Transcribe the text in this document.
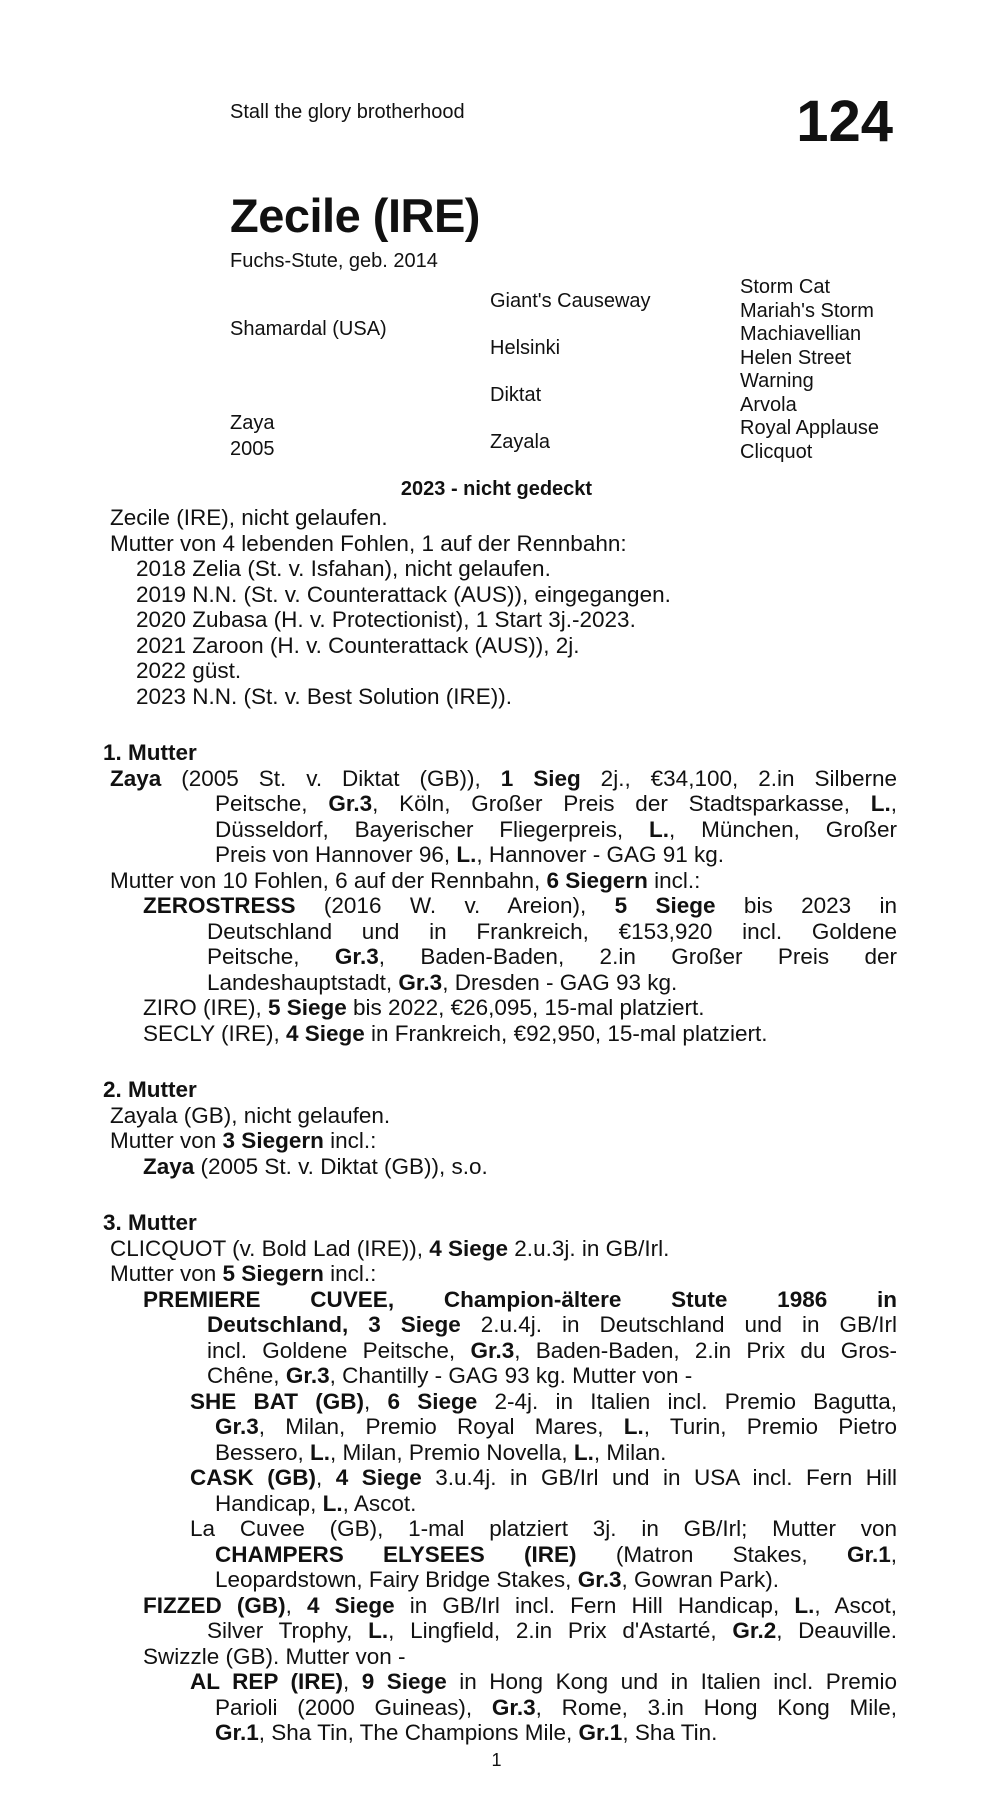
Stall the glory brotherhood	124
Zecile (IRE)
Fuchs-Stute, geb. 2014
Shamardal (USA)
Zaya
2005
Giant's Causeway
Helsinki
Diktat
Zayala
Storm Cat
Mariah's Storm
Machiavellian
Helen Street
Warning
Arvola
Royal Applause
Clicquot
2023 - nicht gedeckt
Zecile (IRE), nicht gelaufen.
Mutter von 4 lebenden Fohlen, 1 auf der Rennbahn:
2018 Zelia (St. v. Isfahan), nicht gelaufen.
2019 N.N. (St. v. Counterattack (AUS)), eingegangen.
2020 Zubasa (H. v. Protectionist), 1 Start 3j.-2023.
2021 Zaroon (H. v. Counterattack (AUS)), 2j.
2022 güst.
2023 N.N. (St. v. Best Solution (IRE)).
1. Mutter
Zaya (2005 St. v. Diktat (GB)), 1 Sieg 2j., €34,100, 2.in Silberne
Peitsche, Gr.3, Köln, Großer Preis der Stadtsparkasse, L.,
Düsseldorf, Bayerischer Fliegerpreis, L., München, Großer
Preis von Hannover 96, L., Hannover - GAG 91 kg.
Mutter von 10 Fohlen, 6 auf der Rennbahn, 6 Siegern incl.:
ZEROSTRESS (2016 W. v. Areion), 5 Siege bis 2023 in
Deutschland und in Frankreich, €153,920 incl. Goldene
Peitsche, Gr.3, Baden-Baden, 2.in Großer Preis der
Landeshauptstadt, Gr.3, Dresden - GAG 93 kg.
ZIRO (IRE), 5 Siege bis 2022, €26,095, 15-mal platziert.
SECLY (IRE), 4 Siege in Frankreich, €92,950, 15-mal platziert.
2. Mutter
Zayala (GB), nicht gelaufen.
Mutter von 3 Siegern incl.:
Zaya (2005 St. v. Diktat (GB)), s.o.
3. Mutter
CLICQUOT (v. Bold Lad (IRE)), 4 Siege 2.u.3j. in GB/Irl.
Mutter von 5 Siegern incl.:
PREMIERE CUVEE, Champion-ältere Stute 1986 in
Deutschland, 3 Siege 2.u.4j. in Deutschland und in GB/Irl
incl. Goldene Peitsche, Gr.3, Baden-Baden, 2.in Prix du Gros-
Chêne, Gr.3, Chantilly - GAG 93 kg. Mutter von -
SHE BAT (GB), 6 Siege 2-4j. in Italien incl. Premio Bagutta,
Gr.3, Milan, Premio Royal Mares, L., Turin, Premio Pietro
Bessero, L., Milan, Premio Novella, L., Milan.
CASK (GB), 4 Siege 3.u.4j. in GB/Irl und in USA incl. Fern Hill
Handicap, L., Ascot.
La Cuvee (GB), 1-mal platziert 3j. in GB/Irl; Mutter von
CHAMPERS ELYSEES (IRE) (Matron Stakes, Gr.1,
Leopardstown, Fairy Bridge Stakes, Gr.3, Gowran Park).
FIZZED (GB), 4 Siege in GB/Irl incl. Fern Hill Handicap, L., Ascot,
Silver Trophy, L., Lingfield, 2.in Prix d'Astarté, Gr.2, Deauville.
Swizzle (GB). Mutter von -
AL REP (IRE), 9 Siege in Hong Kong und in Italien incl. Premio
Parioli (2000 Guineas), Gr.3, Rome, 3.in Hong Kong Mile,
Gr.1, Sha Tin, The Champions Mile, Gr.1, Sha Tin.
1
